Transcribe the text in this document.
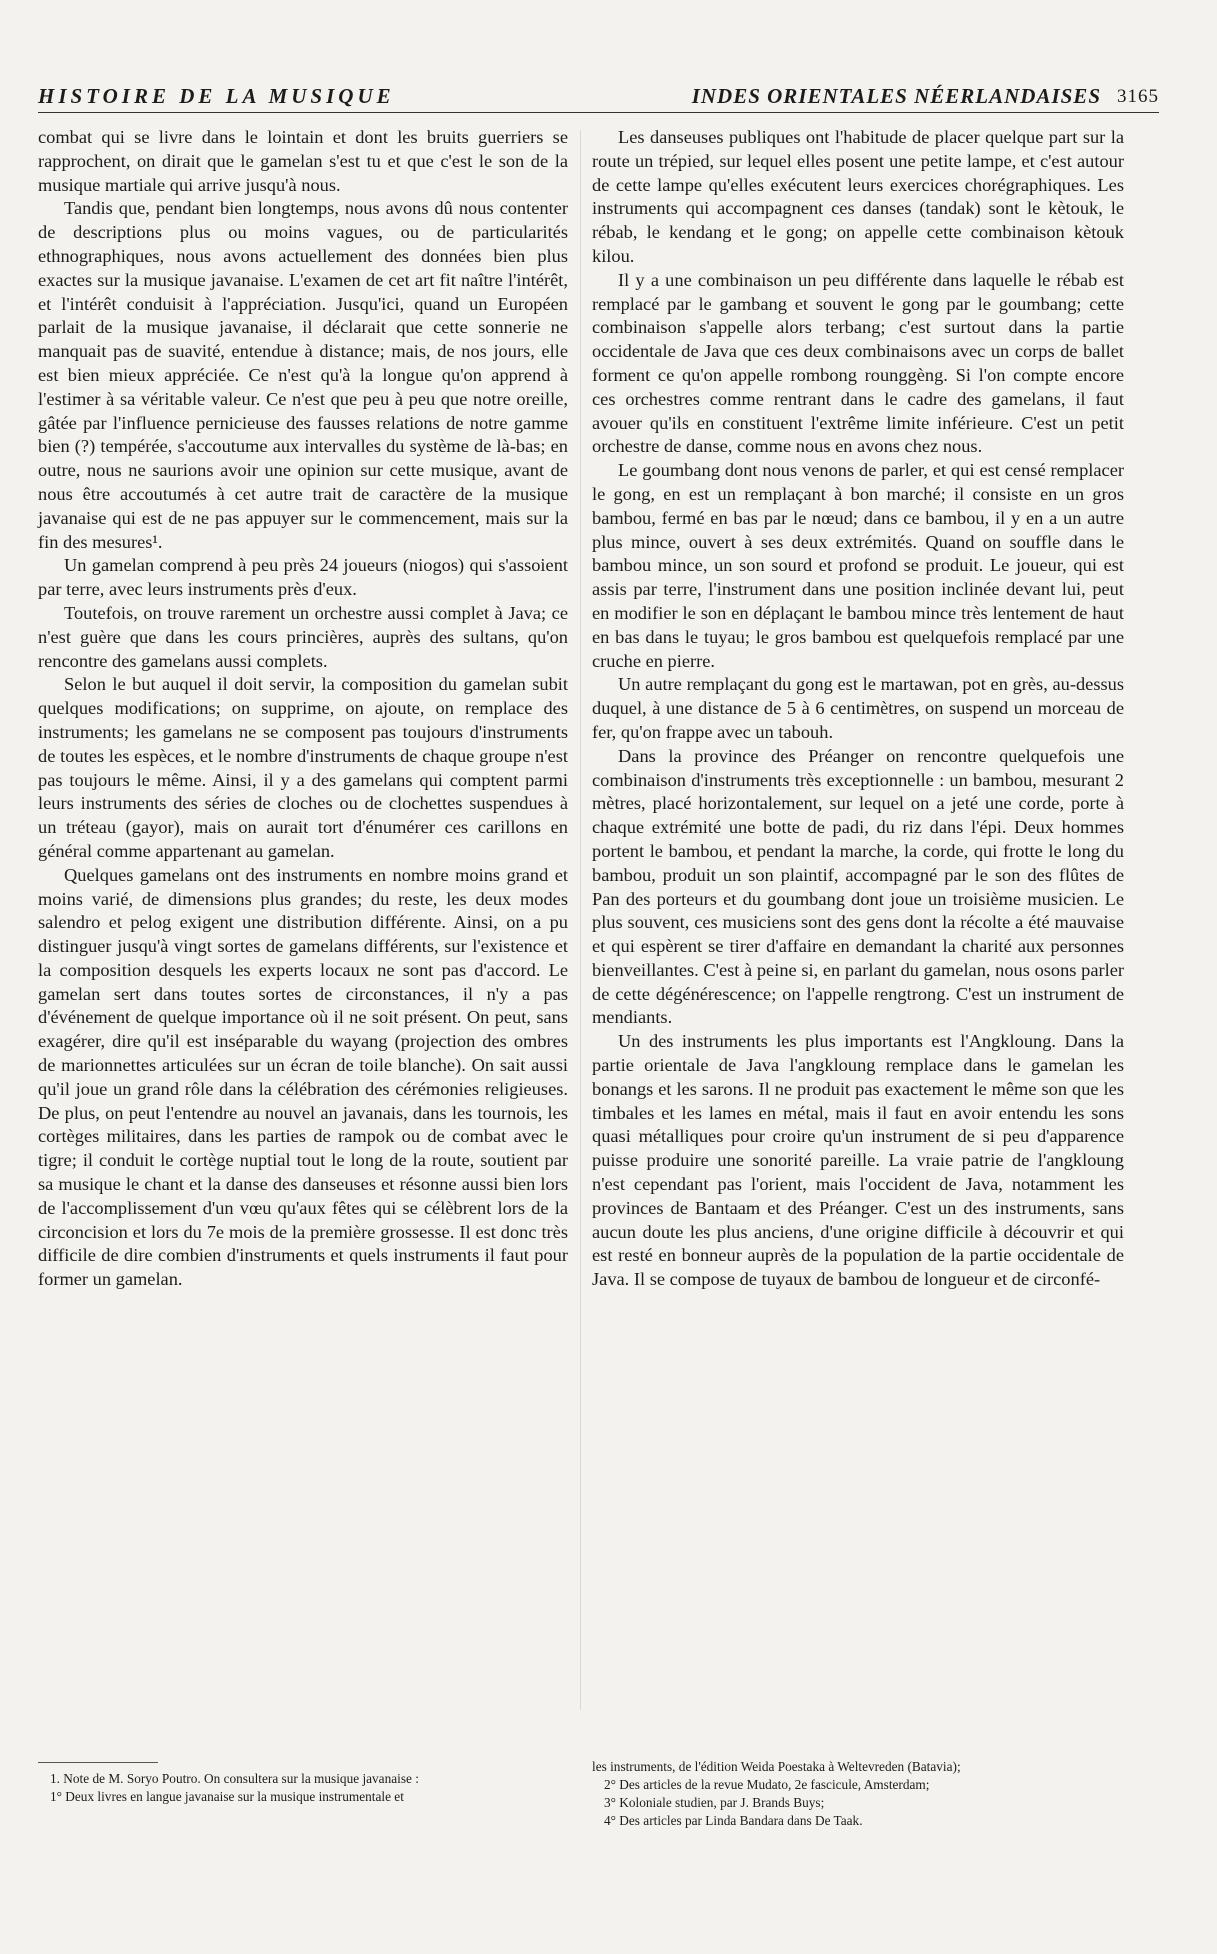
HISTOIRE DE LA MUSIQUE	INDES ORIENTALES NÉERLANDAISES 3165

combat qui se livre dans le lointain et dont les bruits guerriers se rapprochent, on dirait que le gamelan s'est tu et que c'est le son de la musique martiale qui arrive jusqu'à nous.

Tandis que, pendant bien longtemps, nous avons dû nous contenter de descriptions plus ou moins vagues, ou de particularités ethnographiques, nous avons actuellement des données bien plus exactes sur la musique javanaise. L'examen de cet art fit naître l'intérêt, et l'intérêt conduisit à l'appréciation. Jusqu'ici, quand un Européen parlait de la musique javanaise, il déclarait que cette sonnerie ne manquait pas de suavité, entendue à distance; mais, de nos jours, elle est bien mieux appréciée. Ce n'est qu'à la longue qu'on apprend à l'estimer à sa véritable valeur. Ce n'est que peu à peu que notre oreille, gâtée par l'influence pernicieuse des fausses relations de notre gamme bien (?) tempérée, s'accoutume aux intervalles du système de là-bas; en outre, nous ne saurions avoir une opinion sur cette musique, avant de nous être accoutumés à cet autre trait de caractère de la musique javanaise qui est de ne pas appuyer sur le commencement, mais sur la fin des mesures¹.

Un gamelan comprend à peu près 24 joueurs (niogos) qui s'assoient par terre, avec leurs instruments près d'eux.

Toutefois, on trouve rarement un orchestre aussi complet à Java; ce n'est guère que dans les cours princières, auprès des sultans, qu'on rencontre des gamelans aussi complets.

Selon le but auquel il doit servir, la composition du gamelan subit quelques modifications; on supprime, on ajoute, on remplace des instruments; les gamelans ne se composent pas toujours d'instruments de toutes les espèces, et le nombre d'instruments de chaque groupe n'est pas toujours le même. Ainsi, il y a des gamelans qui comptent parmi leurs instruments des séries de cloches ou de clochettes suspendues à un tréteau (gayor), mais on aurait tort d'énumérer ces carillons en général comme appartenant au gamelan.

Quelques gamelans ont des instruments en nombre moins grand et moins varié, de dimensions plus grandes; du reste, les deux modes salendro et pelog exigent une distribution différente. Ainsi, on a pu distinguer jusqu'à vingt sortes de gamelans différents, sur l'existence et la composition desquels les experts locaux ne sont pas d'accord. Le gamelan sert dans toutes sortes de circonstances, il n'y a pas d'événement de quelque importance où il ne soit présent. On peut, sans exagérer, dire qu'il est inséparable du wayang (projection des ombres de marionnettes articulées sur un écran de toile blanche). On sait aussi qu'il joue un grand rôle dans la célébration des cérémonies religieuses. De plus, on peut l'entendre au nouvel an javanais, dans les tournois, les cortèges militaires, dans les parties de rampok ou de combat avec le tigre; il conduit le cortège nuptial tout le long de la route, soutient par sa musique le chant et la danse des danseuses et résonne aussi bien lors de l'accomplissement d'un vœu qu'aux fêtes qui se célèbrent lors de la circoncision et lors du 7e mois de la première grossesse. Il est donc très difficile de dire combien d'instruments et quels instruments il faut pour former un gamelan.

Les danseuses publiques ont l'habitude de placer quelque part sur la route un trépied, sur lequel elles posent une petite lampe, et c'est autour de cette lampe qu'elles exécutent leurs exercices chorégraphiques. Les instruments qui accompagnent ces danses (tandak) sont le kètouk, le rébab, le kendang et le gong; on appelle cette combinaison kètouk kilou.

Il y a une combinaison un peu différente dans laquelle le rébab est remplacé par le gambang et souvent le gong par le goumbang; cette combinaison s'appelle alors terbang; c'est surtout dans la partie occidentale de Java que ces deux combinaisons avec un corps de ballet forment ce qu'on appelle rombong rounggèng. Si l'on compte encore ces orchestres comme rentrant dans le cadre des gamelans, il faut avouer qu'ils en constituent l'extrême limite inférieure. C'est un petit orchestre de danse, comme nous en avons chez nous.

Le goumbang dont nous venons de parler, et qui est censé remplacer le gong, en est un remplaçant à bon marché; il consiste en un gros bambou, fermé en bas par le nœud; dans ce bambou, il y en a un autre plus mince, ouvert à ses deux extrémités. Quand on souffle dans le bambou mince, un son sourd et profond se produit. Le joueur, qui est assis par terre, l'instrument dans une position inclinée devant lui, peut en modifier le son en déplaçant le bambou mince très lentement de haut en bas dans le tuyau; le gros bambou est quelquefois remplacé par une cruche en pierre.

Un autre remplaçant du gong est le martawan, pot en grès, au-dessus duquel, à une distance de 5 à 6 centimètres, on suspend un morceau de fer, qu'on frappe avec un tabouh.

Dans la province des Préanger on rencontre quelquefois une combinaison d'instruments très exceptionnelle : un bambou, mesurant 2 mètres, placé horizontalement, sur lequel on a jeté une corde, porte à chaque extrémité une botte de padi, du riz dans l'épi. Deux hommes portent le bambou, et pendant la marche, la corde, qui frotte le long du bambou, produit un son plaintif, accompagné par le son des flûtes de Pan des porteurs et du goumbang dont joue un troisième musicien. Le plus souvent, ces musiciens sont des gens dont la récolte a été mauvaise et qui espèrent se tirer d'affaire en demandant la charité aux personnes bienveillantes. C'est à peine si, en parlant du gamelan, nous osons parler de cette dégénérescence; on l'appelle rengtrong. C'est un instrument de mendiants.

Un des instruments les plus importants est l'Angkloung. Dans la partie orientale de Java l'angkloung remplace dans le gamelan les bonangs et les sarons. Il ne produit pas exactement le même son que les timbales et les lames en métal, mais il faut en avoir entendu les sons quasi métalliques pour croire qu'un instrument de si peu d'apparence puisse produire une sonorité pareille. La vraie patrie de l'angkloung n'est cependant pas l'orient, mais l'occident de Java, notamment les provinces de Bantaam et des Préanger. C'est un des instruments, sans aucun doute les plus anciens, d'une origine difficile à découvrir et qui est resté en bonneur auprès de la population de la partie occidentale de Java. Il se compose de tuyaux de bambou de longueur et de circonfé-

1. Note de M. Soryo Poutro. On consultera sur la musique javanaise :
1° Deux livres en langue javanaise sur la musique instrumentale et
les instruments, de l'édition Weida Poestaka à Weltevreden (Batavia);
2° Des articles de la revue Mudato, 2e fascicule, Amsterdam;
3° Koloniale studien, par J. Brands Buys;
4° Des articles par Linda Bandara dans De Taak.
